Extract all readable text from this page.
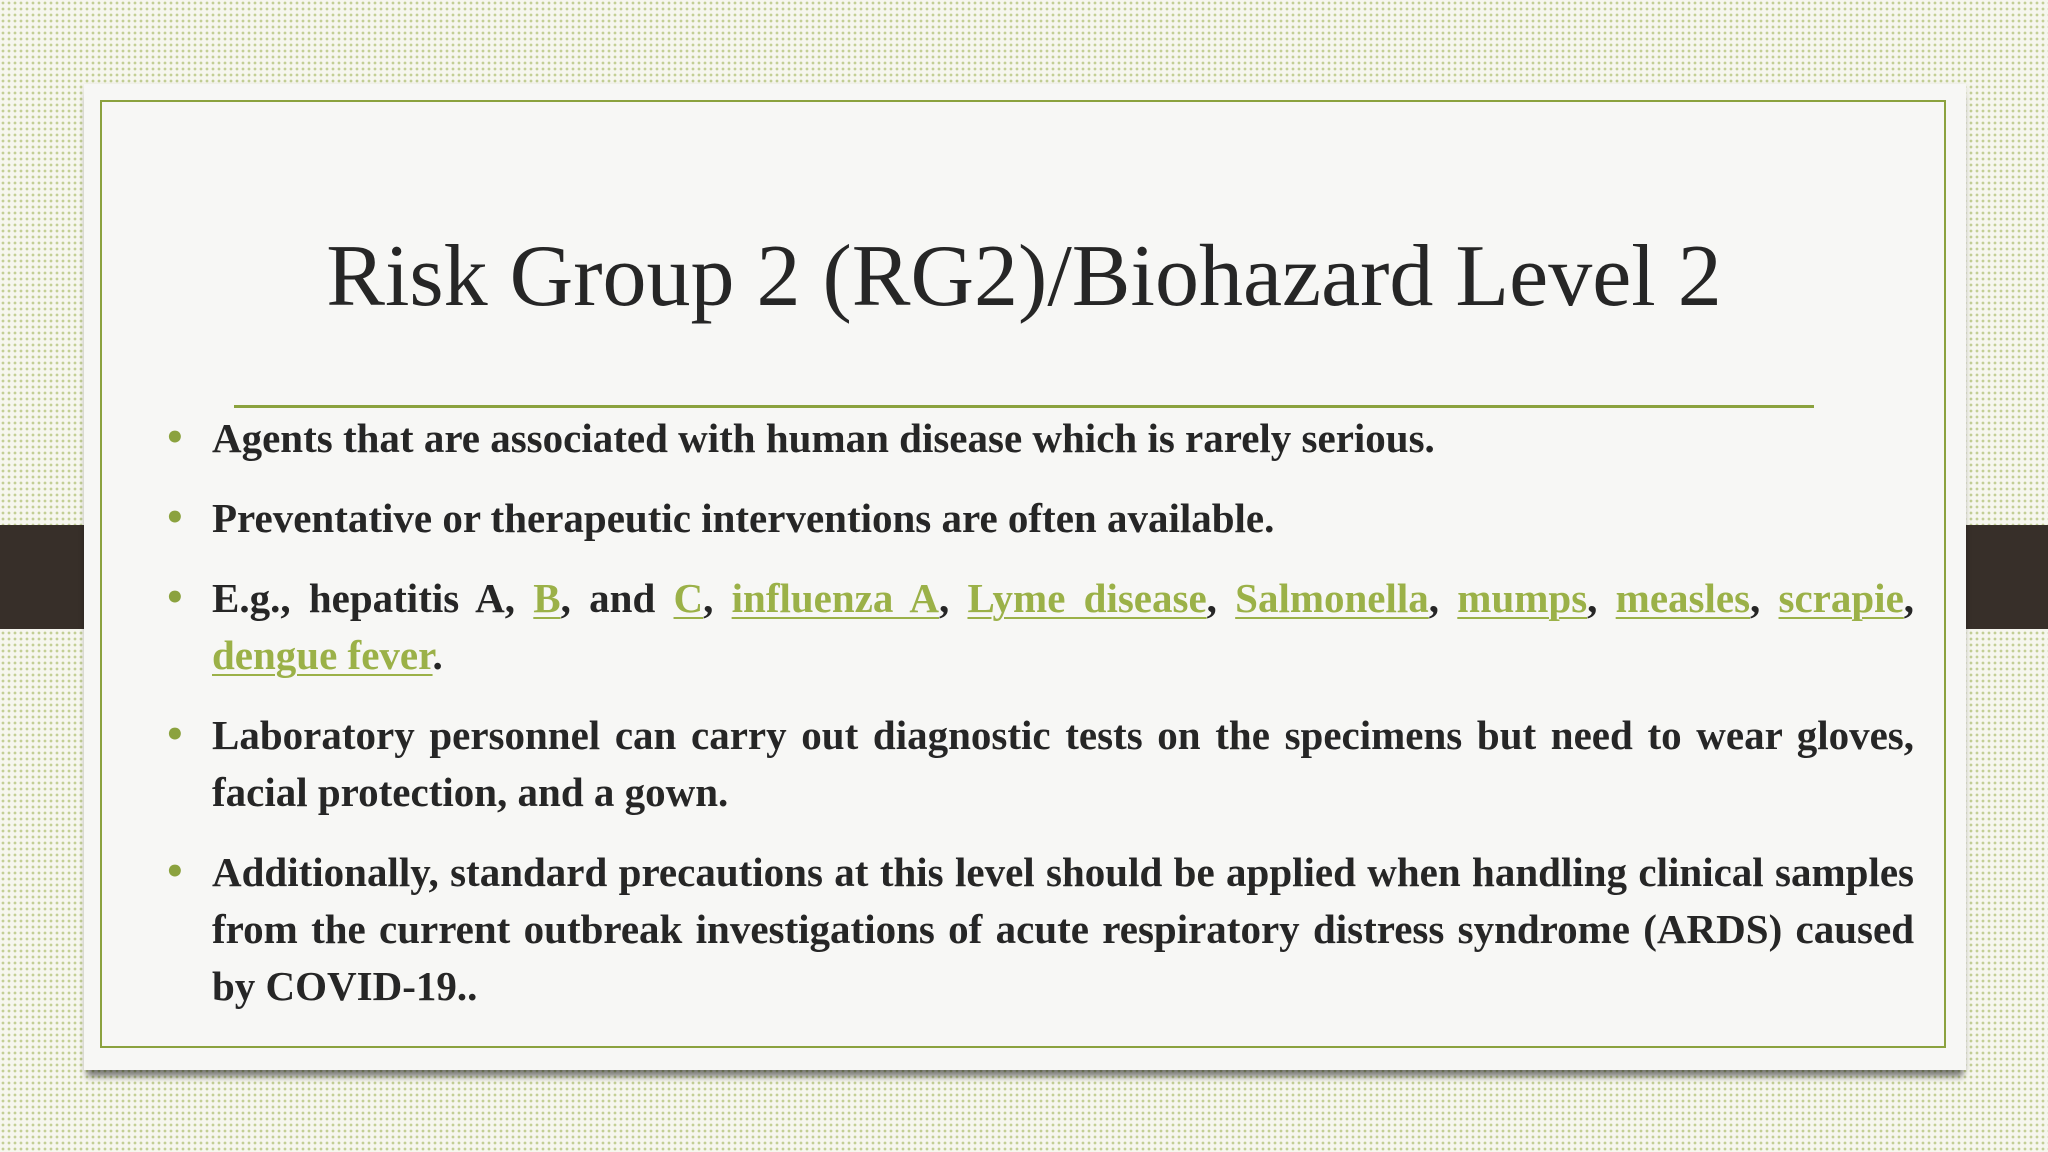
Risk Group 2 (RG2)/Biohazard Level 2
• Agents that are associated with human disease which is rarely serious.
• Preventative or therapeutic interventions are often available.
• E.g., hepatitis A, B, and C, influenza A, Lyme disease, Salmonella, mumps, measles, scrapie, dengue fever.
• Laboratory personnel can carry out diagnostic tests on the specimens but need to wear gloves, facial protection, and a gown.
• Additionally, standard precautions at this level should be applied when handling clinical samples from the current outbreak investigations of acute respiratory distress syndrome (ARDS) caused by COVID-19..
